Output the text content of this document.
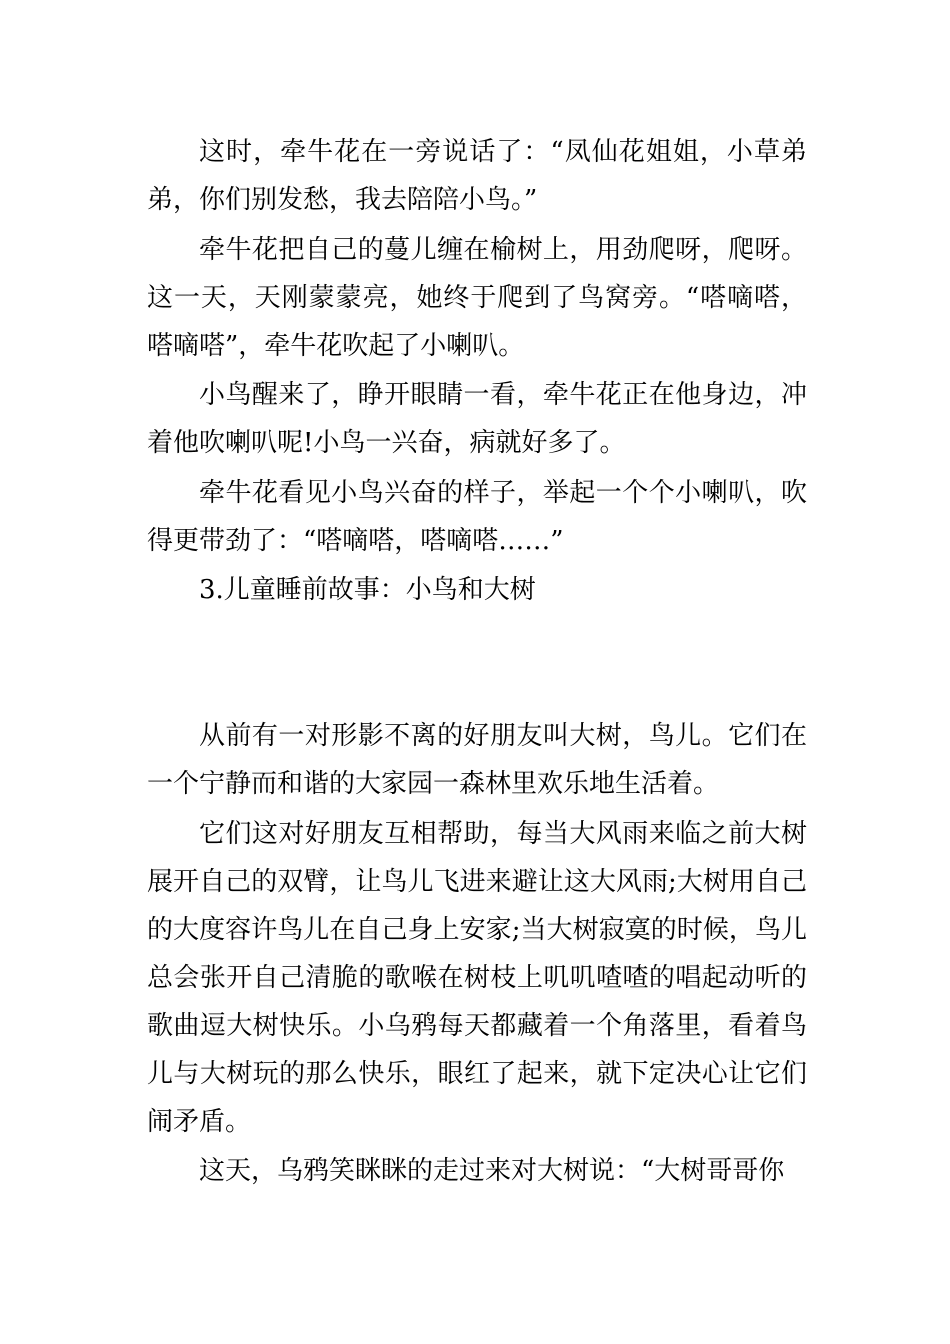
这时，牵牛花在一旁说话了：“凤仙花姐姐，小草弟弟，你们别发愁，我去陪陪小鸟。”

牵牛花把自己的蔓儿缠在榆树上，用劲爬呀，爬呀。这一天，天刚蒙蒙亮，她终于爬到了鸟窝旁。“嗒嘀嗒，嗒嘀嗒”，牵牛花吹起了小喇叭。

小鸟醒来了，睁开眼睛一看，牵牛花正在他身边，冲着他吹喇叭呢!小鸟一兴奋，病就好多了。

牵牛花看见小鸟兴奋的样子，举起一个个小喇叭，吹得更带劲了：“嗒嘀嗒，嗒嘀嗒……”

3.儿童睡前故事：小鸟和大树

从前有一对形影不离的好朋友叫大树，鸟儿。它们在一个宁静而和谐的大家园一森林里欢乐地生活着。

它们这对好朋友互相帮助，每当大风雨来临之前大树展开自己的双臂，让鸟儿飞进来避让这大风雨;大树用自己的大度容许鸟儿在自己身上安家;当大树寂寞的时候，鸟儿总会张开自己清脆的歌喉在树枝上叽叽喳喳的唱起动听的歌曲逗大树快乐。小乌鸦每天都藏着一个角落里，看着鸟儿与大树玩的那么快乐，眼红了起来，就下定决心让它们闹矛盾。

这天，乌鸦笑眯眯的走过来对大树说：“大树哥哥你
